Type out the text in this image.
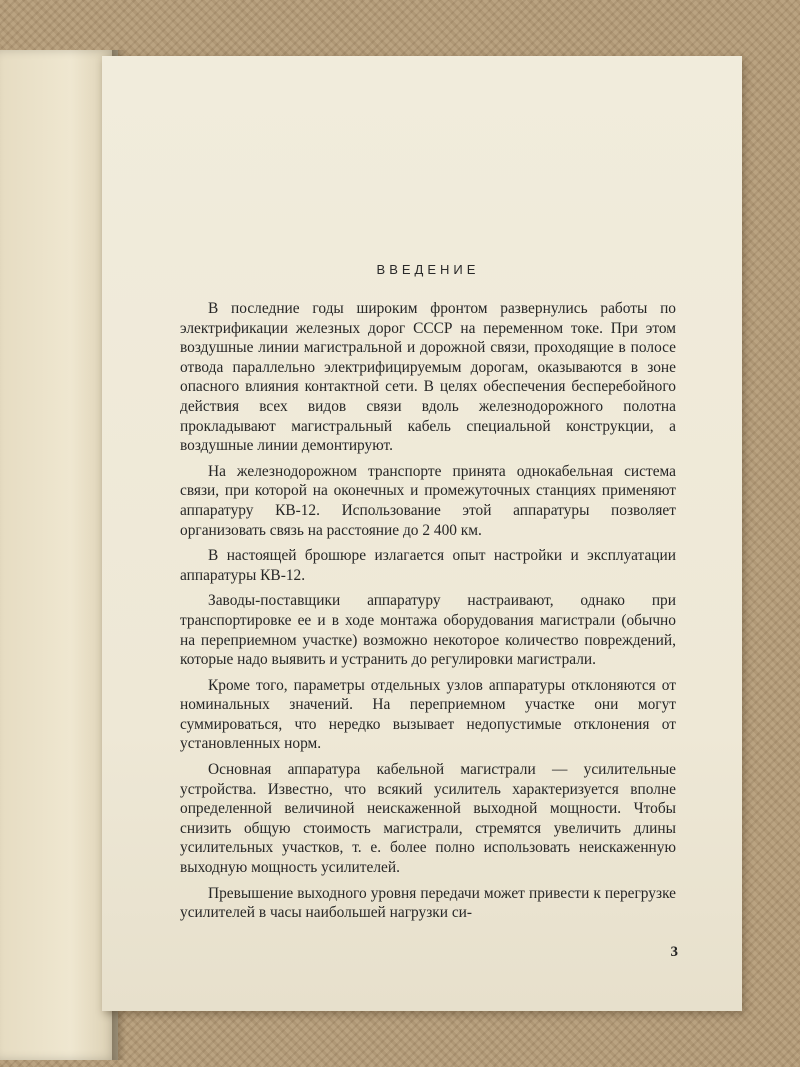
ВВЕДЕНИЕ

В последние годы широким фронтом развернулись работы по электрификации железных дорог СССР на переменном токе. При этом воздушные линии магистральной и дорожной связи, проходящие в полосе отвода параллельно электрифицируемым дорогам, оказываются в зоне опасного влияния контактной сети. В целях обеспечения бесперебойного действия всех видов связи вдоль железнодорожного полотна прокладывают магистральный кабель специальной конструкции, а воздушные линии демонтируют.

На железнодорожном транспорте принята однокабельная система связи, при которой на оконечных и промежуточных станциях применяют аппаратуру КВ-12. Использование этой аппаратуры позволяет организовать связь на расстояние до 2 400 км.

В настоящей брошюре излагается опыт настройки и эксплуатации аппаратуры КВ-12.

Заводы-поставщики аппаратуру настраивают, однако при транспортировке ее и в ходе монтажа оборудования магистрали (обычно на переприемном участке) возможно некоторое количество повреждений, которые надо выявить и устранить до регулировки магистрали.

Кроме того, параметры отдельных узлов аппаратуры отклоняются от номинальных значений. На переприемном участке они могут суммироваться, что нередко вызывает недопустимые отклонения от установленных норм.

Основная аппаратура кабельной магистрали — усилительные устройства. Известно, что всякий усилитель характеризуется вполне определенной величиной неискаженной выходной мощности. Чтобы снизить общую стоимость магистрали, стремятся увеличить длины усилительных участков, т. е. более полно использовать неискаженную выходную мощность усилителей.

Превышение выходного уровня передачи может привести к перегрузке усилителей в часы наибольшей нагрузки си-

3
